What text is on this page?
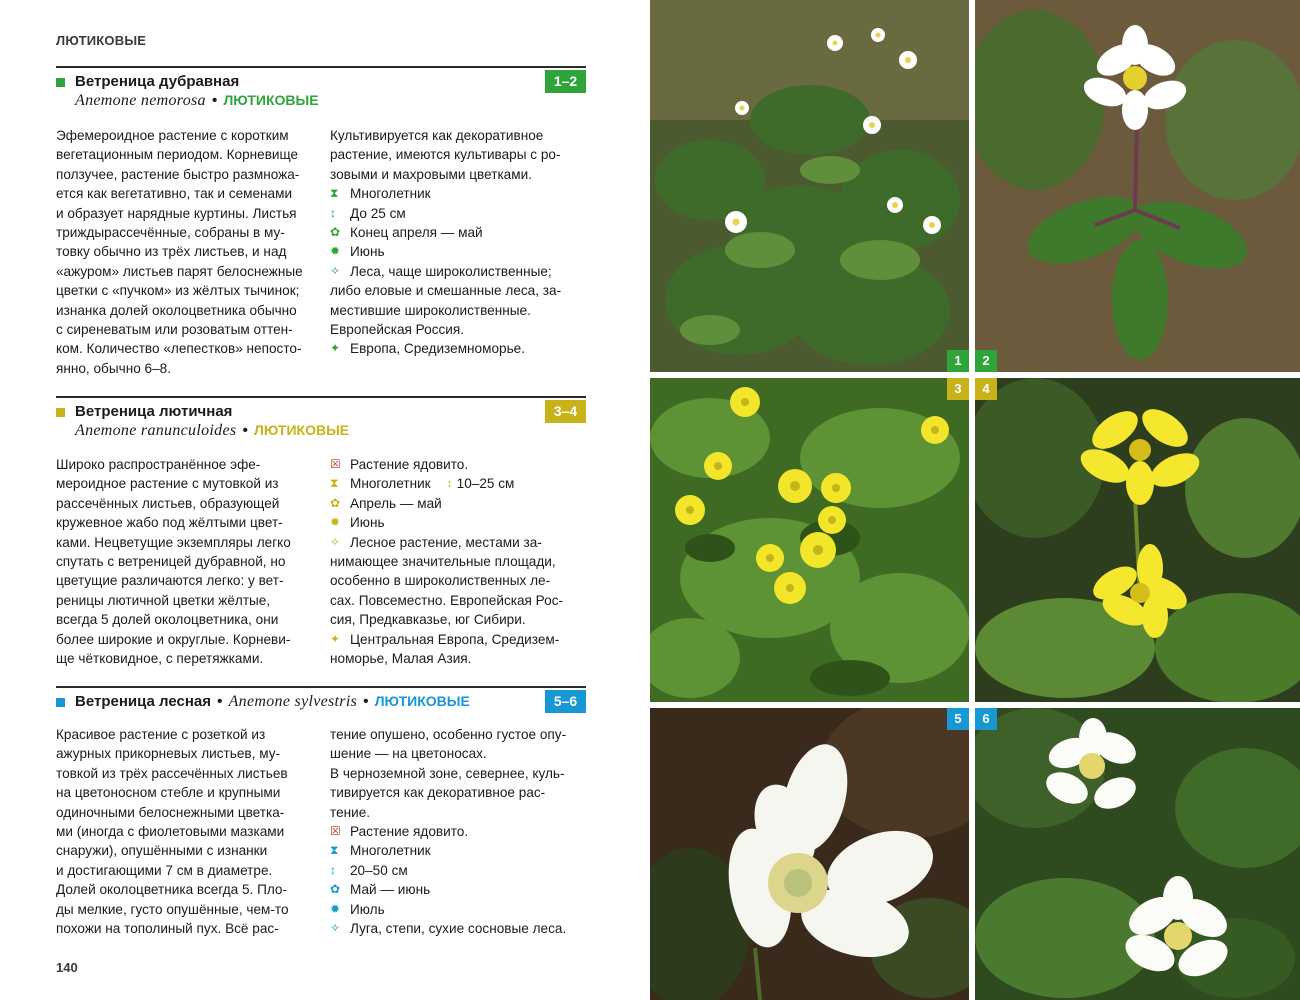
ЛЮТИКОВЫЕ
Ветреница дубравная
Anemone nemorosa • ЛЮТИКОВЫЕ
1–2
Эфемероидное растение с коротким
вегетационным периодом. Корневище
ползучее, растение быстро размножа-
ется как вегетативно, так и семенами
и образует нарядные куртины. Листья
триждырассечённые, собраны в му-
товку обычно из трёх листьев, и над
«ажуром» листьев парят белоснежные
цветки с «пучком» из жёлтых тычинок;
изнанка долей околоцветника обычно
с сиреневатым или розоватым оттен-
ком. Количество «лепестков» непосто-
янно, обычно 6–8.
Культивируется как декоративное
растение, имеются культивары с ро-
зовыми и махровыми цветками.
⧗ Многолетник
↕	До 25 см
✿ Конец апреля — май
✹ Июнь
✧ Леса, чаще широколиственные;
либо еловые и смешанные леса, за-
местившие широколиственные.
Европейская Россия.
✦ Европа, Средиземноморье.
Ветреница лютичная
Anemone ranunculoides • ЛЮТИКОВЫЕ
3–4
Широко распространённое эфе-
мероидное растение с мутовкой из
рассечённых листьев, образующей
кружевное жабо под жёлтыми цвет-
ками. Нецветущие экземпляры легко
спутать с ветреницей дубравной, но
цветущие различаются легко: у вет-
реницы лютичной цветки жёлтые,
всегда 5 долей околоцветника, они
более широкие и округлые. Корневи-
ще чётковидное, с перетяжками.
☒ Растение ядовито.
⧗ Многолетник ↕ 10–25 см
✿ Апрель — май
✹ Июнь
✧ Лесное растение, местами за-
нимающее значительные площади,
особенно в широколиственных ле-
сах. Повсеместно. Европейская Рос-
сия, Предкавказье, юг Сибири.
✦ Центральная Европа, Средизем-
номорье, Малая Азия.
Ветреница лесная • Anemone sylvestris • ЛЮТИКОВЫЕ	5–6
Красивое растение с розеткой из
ажурных прикорневых листьев, му-
товкой из трёх рассечённых листьев
на цветоносном стебле и крупными
одиночными белоснежными цветка-
ми (иногда с фиолетовыми мазками
снаружи), опушёнными с изнанки
и достигающими 7 см в диаметре.
Долей околоцветника всегда 5. Пло-
ды мелкие, густо опушённые, чем-то
похожи на тополиный пух. Всё рас-
тение опушено, особенно густое опу-
шение — на цветоносах.
В черноземной зоне, севернее, куль-
тивируется как декоративное рас-
тение.
☒ Растение ядовито.
⧗ Многолетник
↕	20–50 см
✿ Май — июнь
✹ Июль
✧ Луга, степи, сухие сосновые леса.
140
1	2
3	4
5	6
